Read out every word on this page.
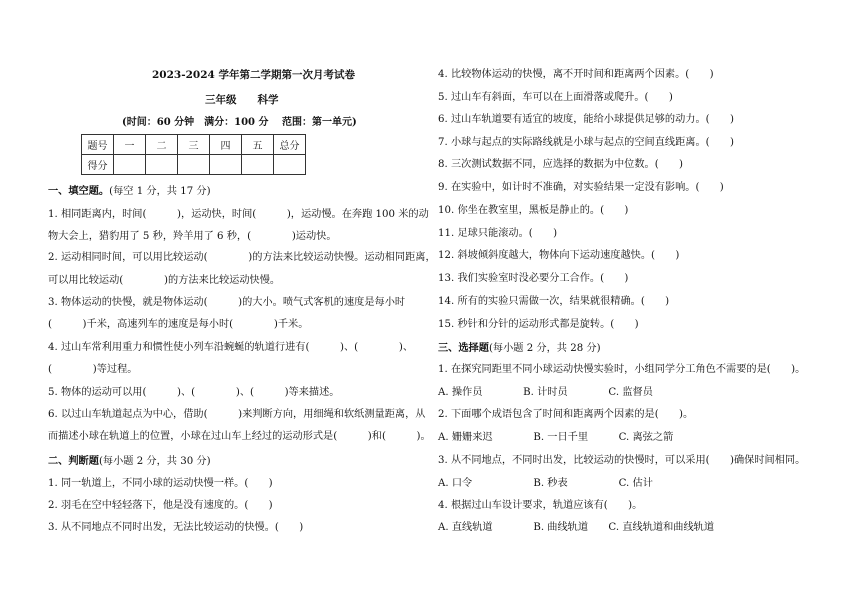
2023-2024 学年第二学期第一次月考试卷
三年级　　科学
(时间：60 分钟　满分：100 分　 范围：第一单元)
题号	一	二	三	四	五	总分
得分						
一、填空题。(每空 1 分，共 17 分)
1. 相同距离内，时间(　　　)，运动快，时间(　　　)，运动慢。在奔跑 100 米的动
物大会上，猎豹用了 5 秒，羚羊用了 6 秒，(　　　　)运动快。
2. 运动相同时间，可以用比较运动(　　　　)的方法来比较运动快慢。运动相同距离，
可以用比较运动(　　　　)的方法来比较运动快慢。
3. 物体运动的快慢，就是物体运动(　　　)的大小。喷气式客机的速度是每小时
(　　　)千米，高速列车的速度是每小时(　　　　)千米。
4. 过山车常利用重力和惯性使小列车沿蜿蜒的轨道行进有(　　　)、(　　　　)、
(　　　　)等过程。
5. 物体的运动可以用(　　　)、(　　　　)、(　　　)等来描述。
6. 以过山车轨道起点为中心，借助(　　　)来判断方向，用细绳和软纸测量距离，从
而描述小球在轨道上的位置，小球在过山车上经过的运动形式是(　　　)和(　　　)。
二、判断题(每小题 2 分，共 30 分)
1. 同一轨道上，不同小球的运动快慢一样。(　　)
2. 羽毛在空中轻轻落下，他是没有速度的。(　　)
3. 从不同地点不同时出发，无法比较运动的快慢。(　　)
4. 比较物体运动的快慢，离不开时间和距离两个因素。(　　)
5. 过山车有斜面，车可以在上面滑落或爬升。(　　)
6. 过山车轨道要有适宜的坡度，能给小球提供足够的动力。(　　)
7. 小球与起点的实际路线就是小球与起点的空间直线距离。(　　)
8. 三次测试数据不同，应选择的数据为中位数。(　　)
9. 在实验中，如计时不准确，对实验结果一定没有影响。(　　)
10. 你坐在教室里，黑板是静止的。(　　)
11. 足球只能滚动。(　　)
12. 斜坡倾斜度越大，物体向下运动速度越快。(　　)
13. 我们实验室时没必要分工合作。(　　)
14. 所有的实验只需做一次，结果就很精确。(　　)
15. 秒针和分针的运动形式都是旋转。(　　)
三、选择题(每小题 2 分，共 28 分)
1. 在探究同距里不同小球运动快慢实验时，小组同学分工角色不需要的是(　　)。
A. 操作员　　　　B. 计时员　　　　C. 监督员
2. 下面哪个成语包含了时间和距离两个因素的是(　　)。
A. 姗姗来迟　　　　B. 一日千里　　　C. 离弦之箭
3. 从不同地点，不同时出发，比较运动的快慢时，可以采用(　　)确保时间相同。
A. 口令　　　　　　B. 秒表　　　　　C. 估计
4. 根据过山车设计要求，轨道应该有(　　)。
A. 直线轨道　　　　B. 曲线轨道　　C. 直线轨道和曲线轨道
